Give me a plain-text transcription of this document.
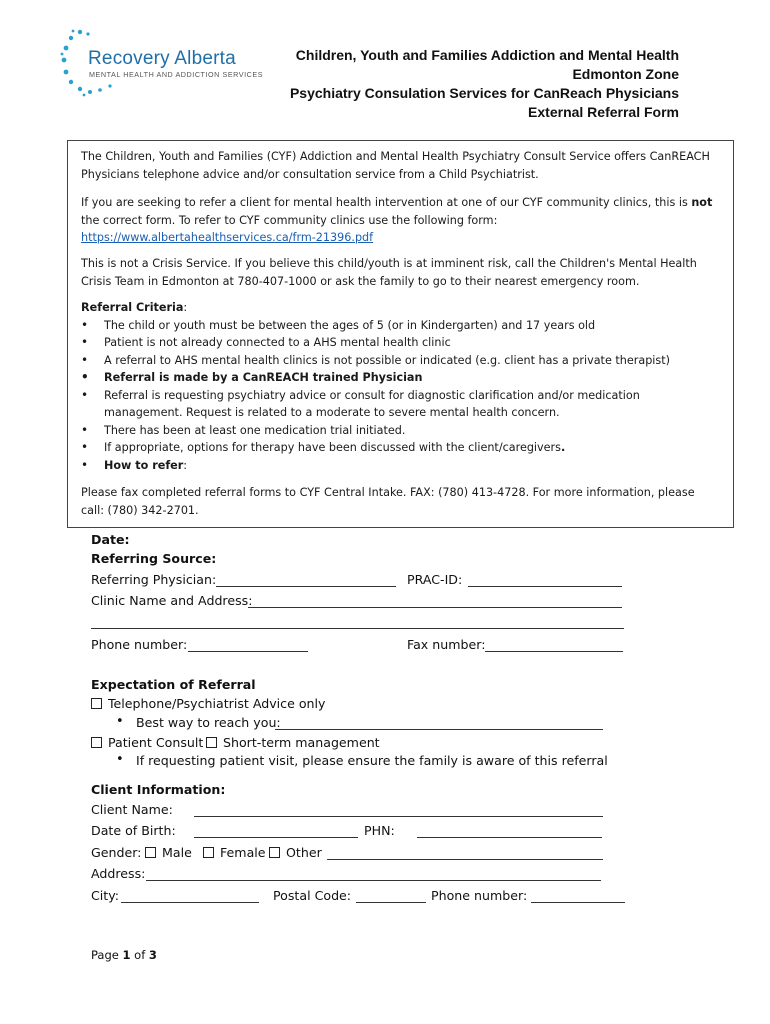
Recovery Alberta
MENTAL HEALTH AND ADDICTION SERVICES
Children, Youth and Families Addiction and Mental Health
Edmonton Zone
Psychiatry Consulation Services for CanReach Physicians
External Referral Form

The Children, Youth and Families (CYF) Addiction and Mental Health Psychiatry Consult Service offers CanREACH Physicians telephone advice and/or consultation service from a Child Psychiatrist.

If you are seeking to refer a client for mental health intervention at one of our CYF community clinics, this is not the correct form. To refer to CYF community clinics use the following form: https://www.albertahealthservices.ca/frm-21396.pdf

This is not a Crisis Service. If you believe this child/youth is at imminent risk, call the Children's Mental Health Crisis Team in Edmonton at 780-407-1000 or ask the family to go to their nearest emergency room.

Referral Criteria:
• The child or youth must be between the ages of 5 (or in Kindergarten) and 17 years old
• Patient is not already connected to a AHS mental health clinic
• A referral to AHS mental health clinics is not possible or indicated (e.g. client has a private therapist)
• Referral is made by a CanREACH trained Physician
• Referral is requesting psychiatry advice or consult for diagnostic clarification and/or medication management. Request is related to a moderate to severe mental health concern.
• There has been at least one medication trial initiated.
• If appropriate, options for therapy have been discussed with the client/caregivers.
• How to refer:

Please fax completed referral forms to CYF Central Intake. FAX: (780) 413-4728. For more information, please call: (780) 342-2701.

Date:
Referring Source:
Referring Physician:	PRAC-ID:
Clinic Name and Address:
Phone number:	Fax number:
Expectation of Referral
Telephone/Psychiatrist Advice only
• Best way to reach you:
Patient Consult	Short-term management
• If requesting patient visit, please ensure the family is aware of this referral
Client Information:
Client Name:
Date of Birth:	PHN:
Gender:	Male	Female	Other
Address:
City:	Postal Code:	Phone number:
Page 1 of 3
